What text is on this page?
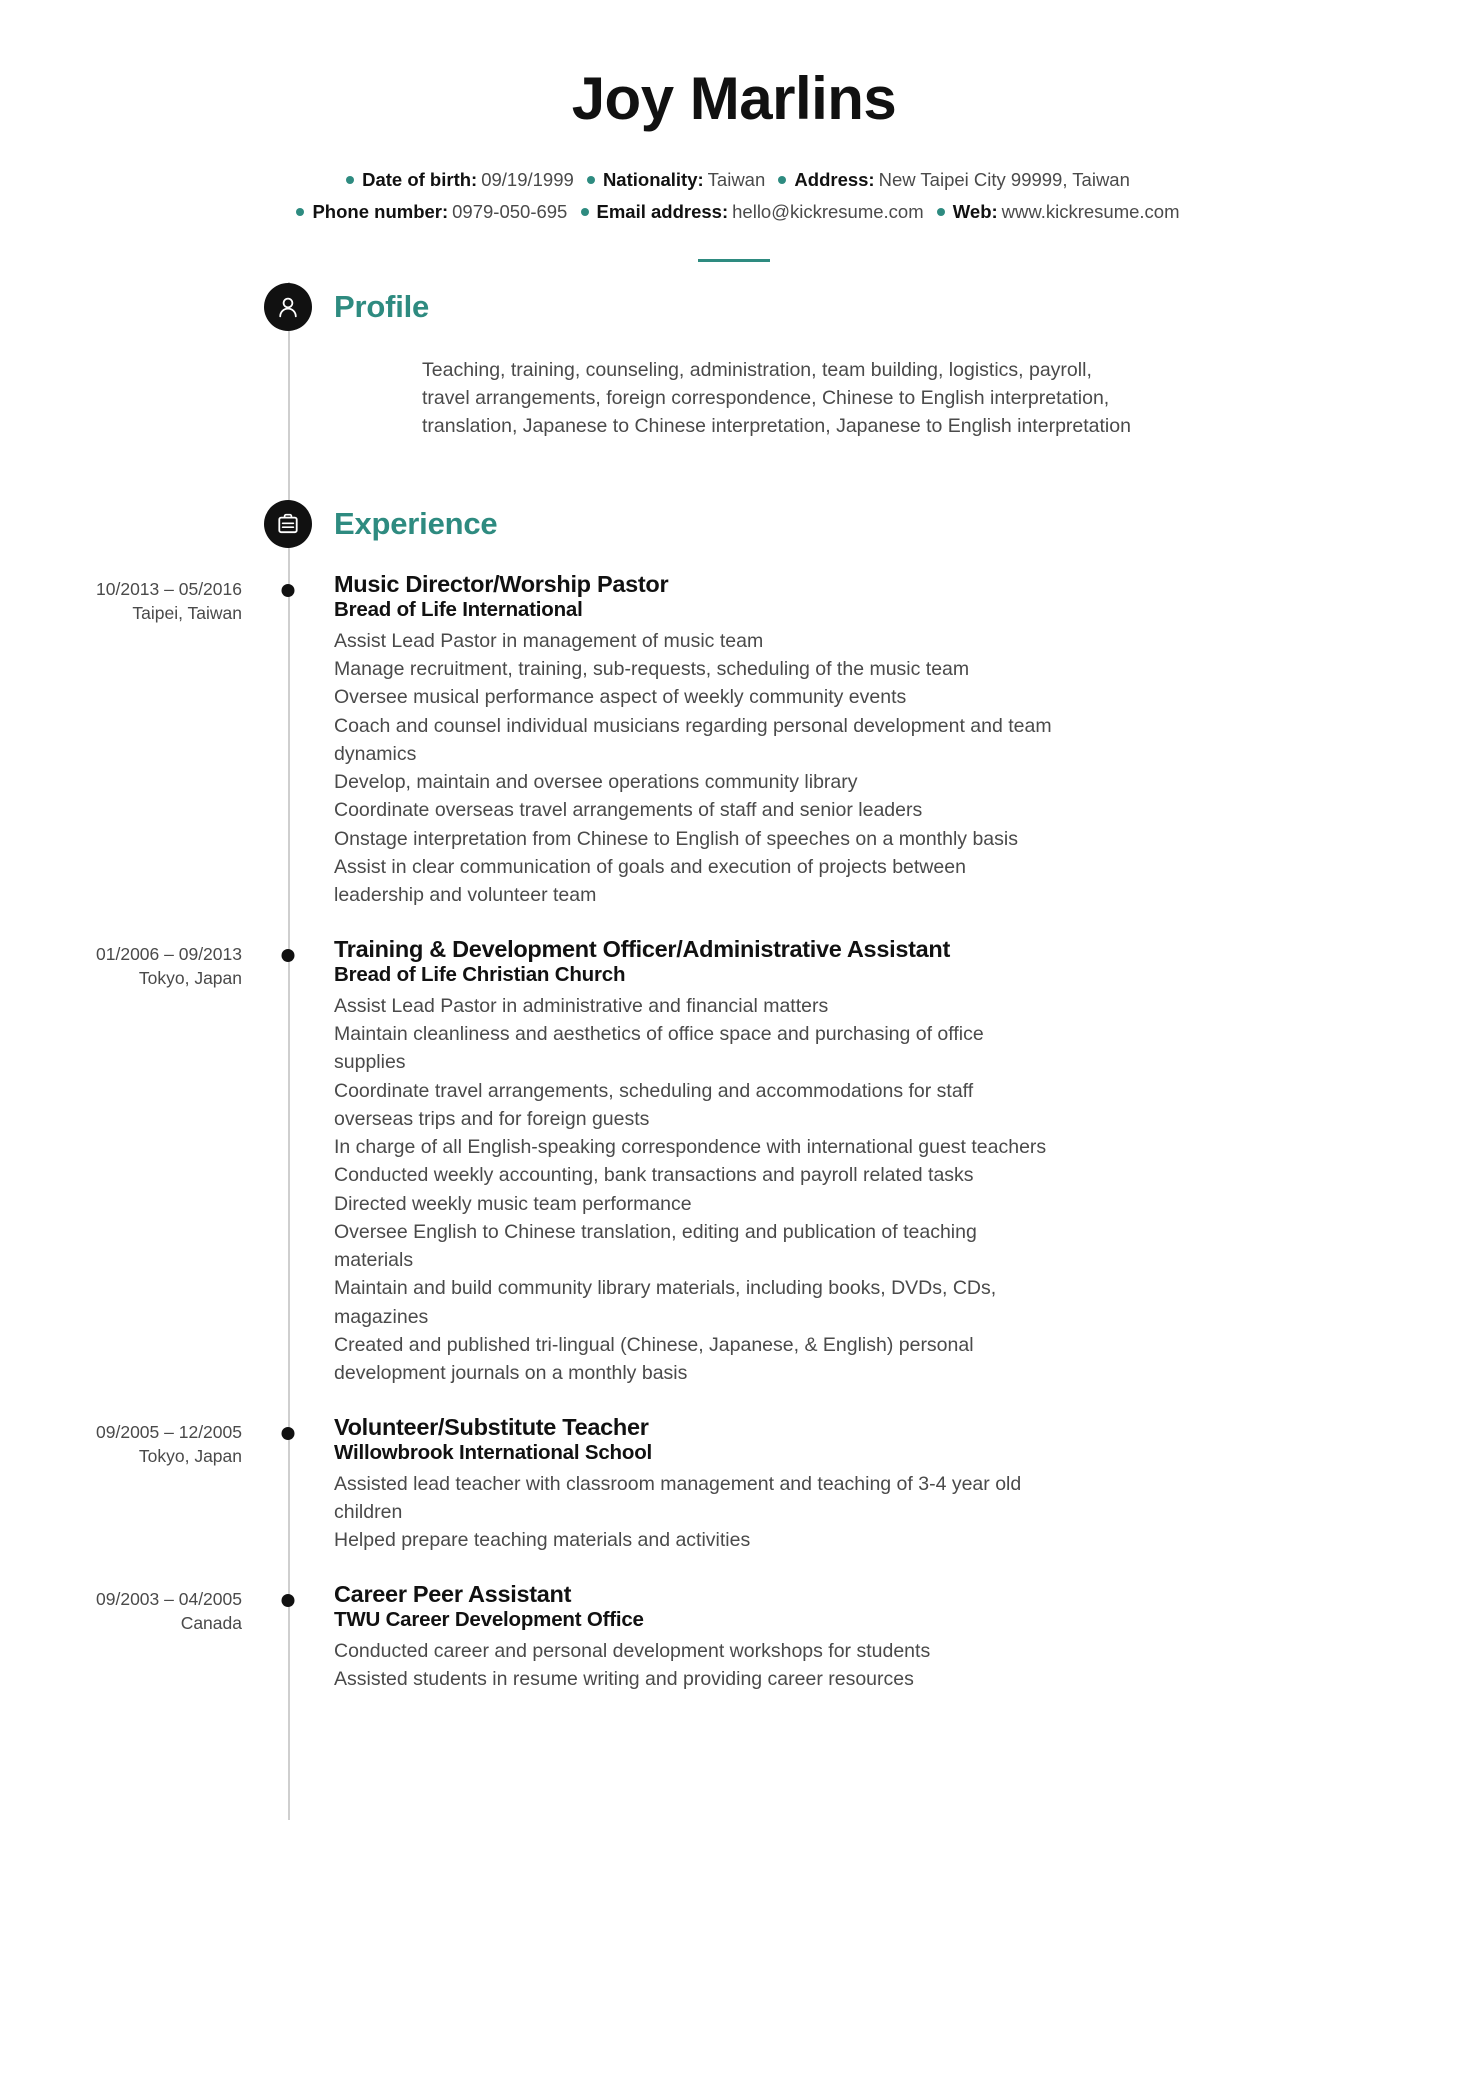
Joy Marlins
Date of birth: 09/19/1999 Nationality: Taiwan Address: New Taipei City 99999, Taiwan
Phone number: 0979-050-695 Email address: hello@kickresume.com Web: www.kickresume.com
Profile

Teaching, training, counseling, administration, team building, logistics, payroll, travel arrangements, foreign correspondence, Chinese to English interpretation, translation, Japanese to Chinese interpretation, Japanese to English interpretation

Experience
10/2013 – 05/2016
Taipei, Taiwan
Music Director/Worship Pastor
Bread of Life International
Assist Lead Pastor in management of music team
Manage recruitment, training, sub-requests, scheduling of the music team
Oversee musical performance aspect of weekly community events
Coach and counsel individual musicians regarding personal development and team dynamics
Develop, maintain and oversee operations community library
Coordinate overseas travel arrangements of staff and senior leaders
Onstage interpretation from Chinese to English of speeches on a monthly basis
Assist in clear communication of goals and execution of projects between leadership and volunteer team
01/2006 – 09/2013
Tokyo, Japan
Training & Development Officer/Administrative Assistant
Bread of Life Christian Church
Assist Lead Pastor in administrative and financial matters
Maintain cleanliness and aesthetics of office space and purchasing of office supplies
Coordinate travel arrangements, scheduling and accommodations for staff overseas trips and for foreign guests
In charge of all English-speaking correspondence with international guest teachers
Conducted weekly accounting, bank transactions and payroll related tasks
Directed weekly music team performance
Oversee English to Chinese translation, editing and publication of teaching materials
Maintain and build community library materials, including books, DVDs, CDs, magazines
Created and published tri-lingual (Chinese, Japanese, & English) personal development journals on a monthly basis
09/2005 – 12/2005
Tokyo, Japan
Volunteer/Substitute Teacher
Willowbrook International School
Assisted lead teacher with classroom management and teaching of 3-4 year old children
Helped prepare teaching materials and activities
09/2003 – 04/2005
Canada
Career Peer Assistant
TWU Career Development Office
Conducted career and personal development workshops for students
Assisted students in resume writing and providing career resources
